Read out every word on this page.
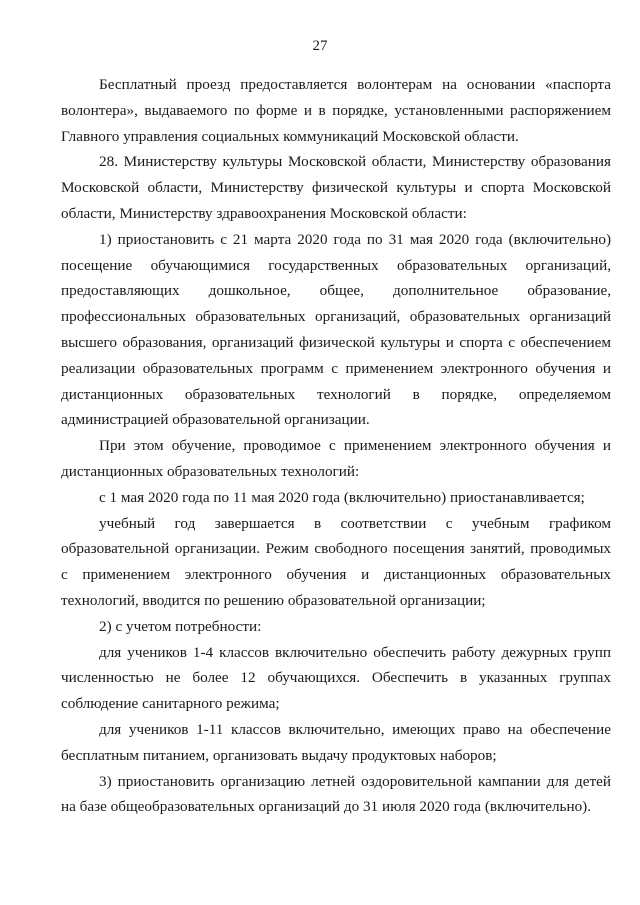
27

Бесплатный проезд предоставляется волонтерам на основании «паспорта волонтера», выдаваемого по форме и в порядке, установленными распоряжением Главного управления социальных коммуникаций Московской области.

28. Министерству культуры Московской области, Министерству образования Московской области, Министерству физической культуры и спорта Московской области, Министерству здравоохранения Московской области:

1) приостановить с 21 марта 2020 года по 31 мая 2020 года (включительно) посещение обучающимися государственных образовательных организаций, предоставляющих дошкольное, общее, дополнительное образование, профессиональных образовательных организаций, образовательных организаций высшего образования, организаций физической культуры и спорта с обеспечением реализации образовательных программ с применением электронного обучения и дистанционных образовательных технологий в порядке, определяемом администрацией образовательной организации.

При этом обучение, проводимое с применением электронного обучения и дистанционных образовательных технологий:

с 1 мая 2020 года по 11 мая 2020 года (включительно) приостанавливается;

учебный год завершается в соответствии с учебным графиком образовательной организации. Режим свободного посещения занятий, проводимых с применением электронного обучения и дистанционных образовательных технологий, вводится по решению образовательной организации;

2) с учетом потребности:

для учеников 1-4 классов включительно обеспечить работу дежурных групп численностью не более 12 обучающихся. Обеспечить в указанных группах соблюдение санитарного режима;

для учеников 1-11 классов включительно, имеющих право на обеспечение бесплатным питанием, организовать выдачу продуктовых наборов;

3) приостановить организацию летней оздоровительной кампании для детей на базе общеобразовательных организаций до 31 июля 2020 года (включительно).
